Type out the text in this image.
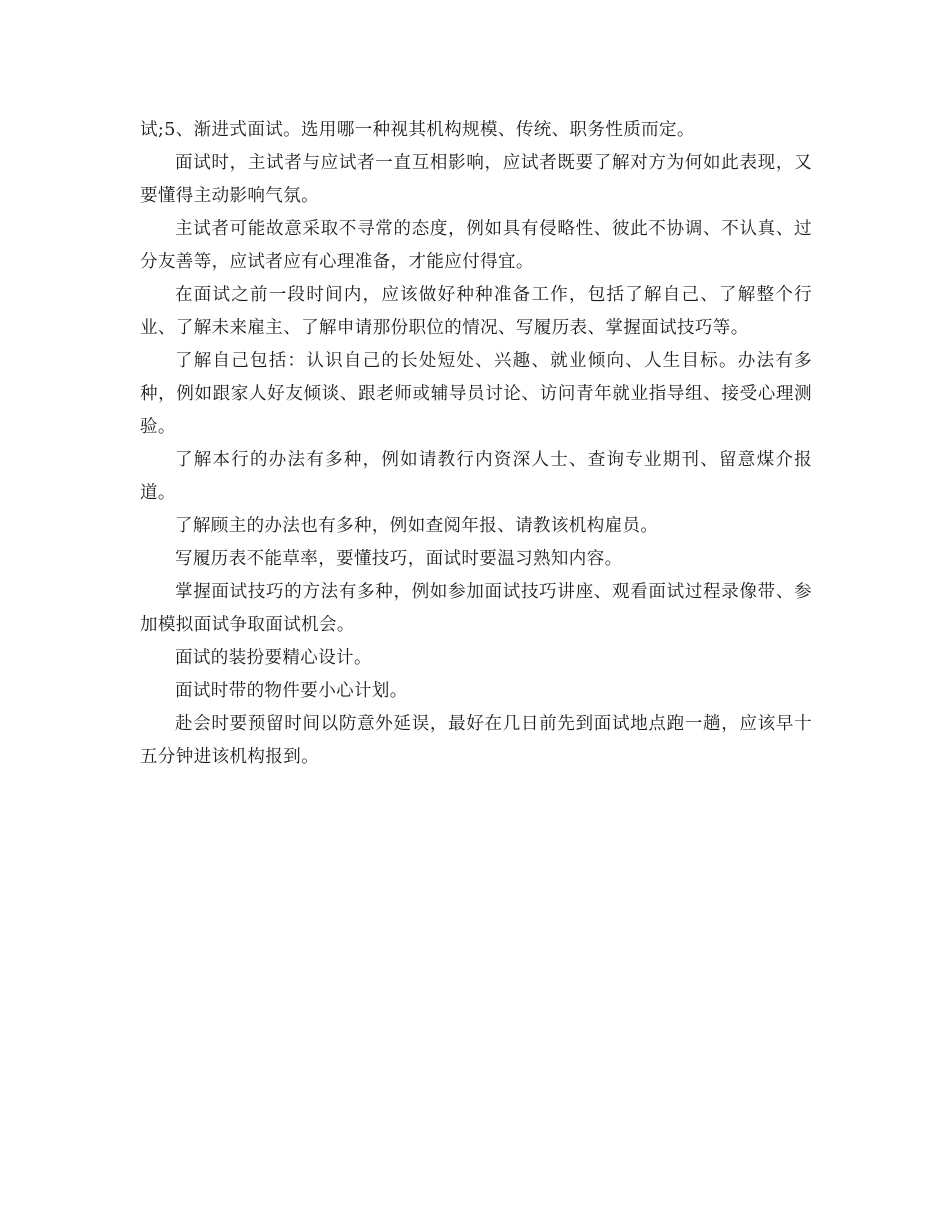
试;5、渐进式面试。选用哪一种视其机构规模、传统、职务性质而定。

面试时，主试者与应试者一直互相影响，应试者既要了解对方为何如此表现，又要懂得主动影响气氛。

主试者可能故意采取不寻常的态度，例如具有侵略性、彼此不协调、不认真、过分友善等，应试者应有心理准备，才能应付得宜。

在面试之前一段时间内，应该做好种种准备工作，包括了解自己、了解整个行业、了解未来雇主、了解申请那份职位的情况、写履历表、掌握面试技巧等。

了解自己包括：认识自己的长处短处、兴趣、就业倾向、人生目标。办法有多种，例如跟家人好友倾谈、跟老师或辅导员讨论、访问青年就业指导组、接受心理测验。

了解本行的办法有多种，例如请教行内资深人士、查询专业期刊、留意煤介报道。

了解顾主的办法也有多种，例如查阅年报、请教该机构雇员。

写履历表不能草率，要懂技巧，面试时要温习熟知内容。

掌握面试技巧的方法有多种，例如参加面试技巧讲座、观看面试过程录像带、参加模拟面试争取面试机会。

面试的装扮要精心设计。

面试时带的物件要小心计划。

赴会时要预留时间以防意外延误，最好在几日前先到面试地点跑一趟，应该早十五分钟进该机构报到。
